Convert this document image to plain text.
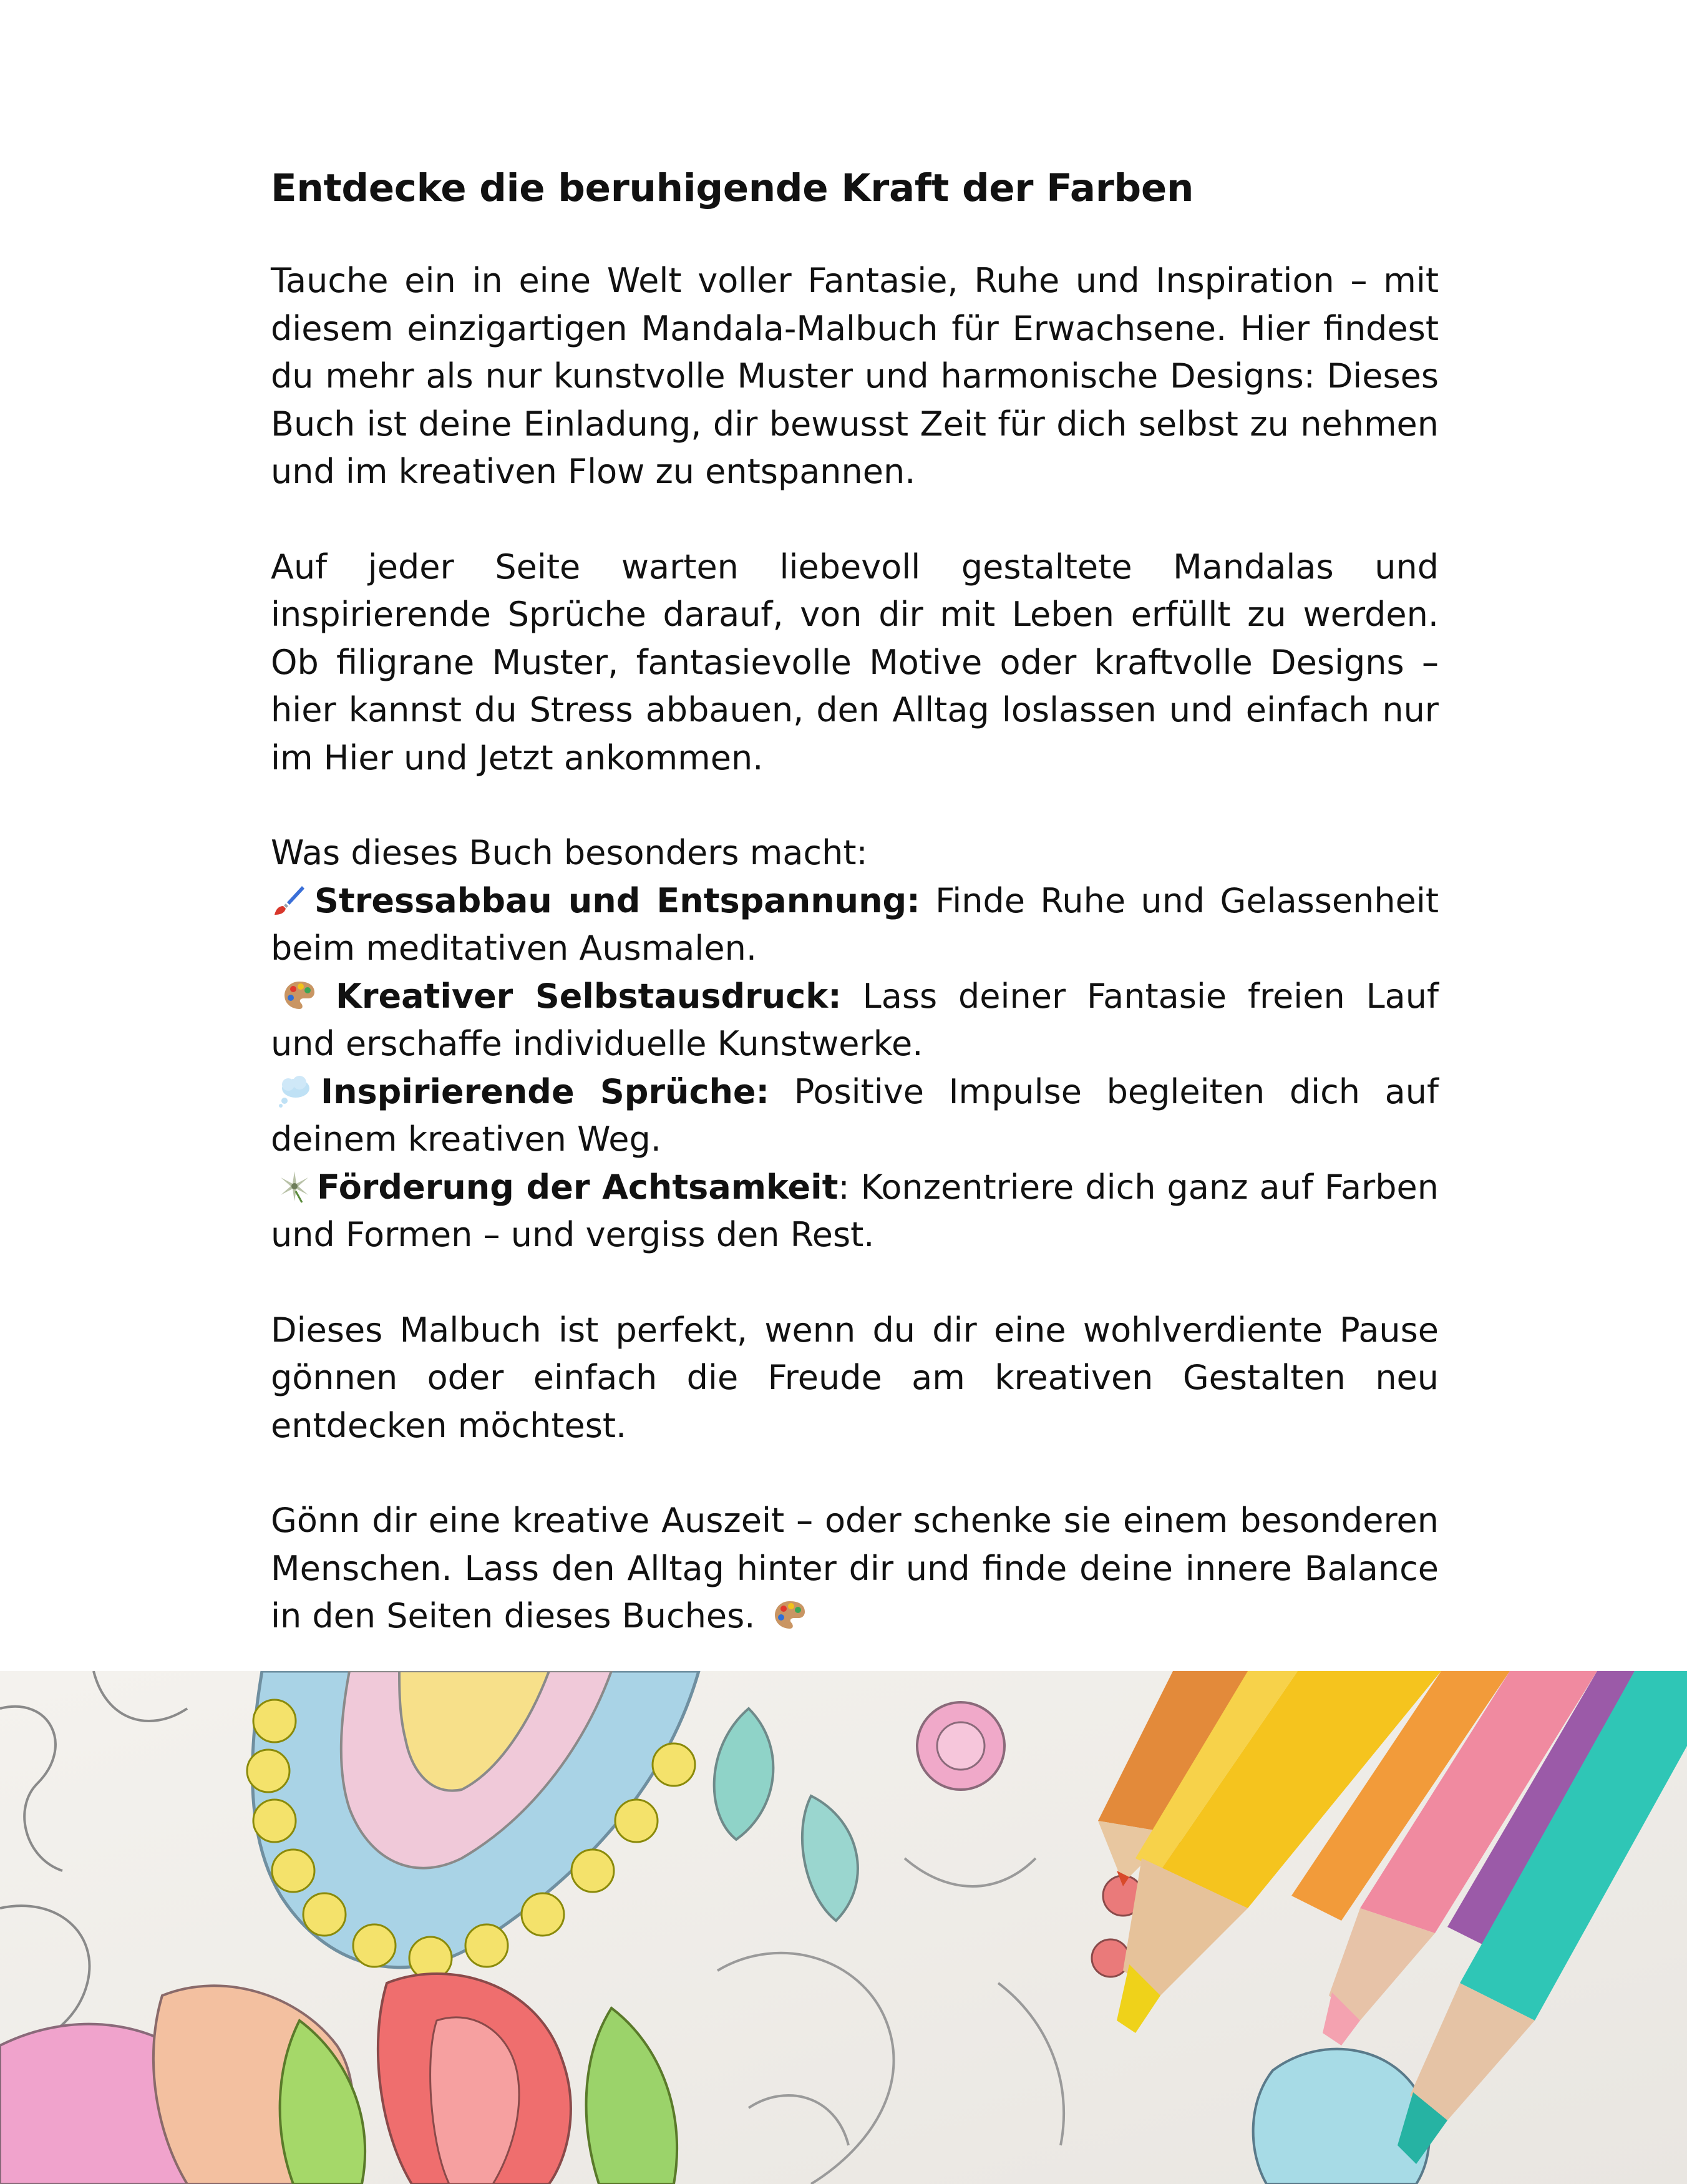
Entdecke die beruhigende Kraft der Farben

Tauche ein in eine Welt voller Fantasie, Ruhe und Inspiration – mit diesem einzigartigen Mandala-Malbuch für Erwachsene. Hier findest du mehr als nur kunstvolle Muster und harmonische Designs: Dieses Buch ist deine Einladung, dir bewusst Zeit für dich selbst zu nehmen und im kreativen Flow zu entspannen.

Auf jeder Seite warten liebevoll gestaltete Mandalas und inspirierende Sprüche darauf, von dir mit Leben erfüllt zu werden. Ob filigrane Muster, fantasievolle Motive oder kraftvolle Designs – hier kannst du Stress abbauen, den Alltag loslassen und einfach nur im Hier und Jetzt ankommen.

Was dieses Buch besonders macht:

Stressabbau und Entspannung: Finde Ruhe und Gelassenheit beim meditativen Ausmalen.

Kreativer Selbstausdruck: Lass deiner Fantasie freien Lauf und erschaffe individuelle Kunstwerke.

Inspirierende Sprüche: Positive Impulse begleiten dich auf deinem kreativen Weg.

Förderung der Achtsamkeit: Konzentriere dich ganz auf Farben und Formen – und vergiss den Rest.

Dieses Malbuch ist perfekt, wenn du dir eine wohlverdiente Pause gönnen oder einfach die Freude am kreativen Gestalten neu entdecken möchtest.

Gönn dir eine kreative Auszeit – oder schenke sie einem besonderen Menschen. Lass den Alltag hinter dir und finde deine innere Balance in den Seiten dieses Buches.
